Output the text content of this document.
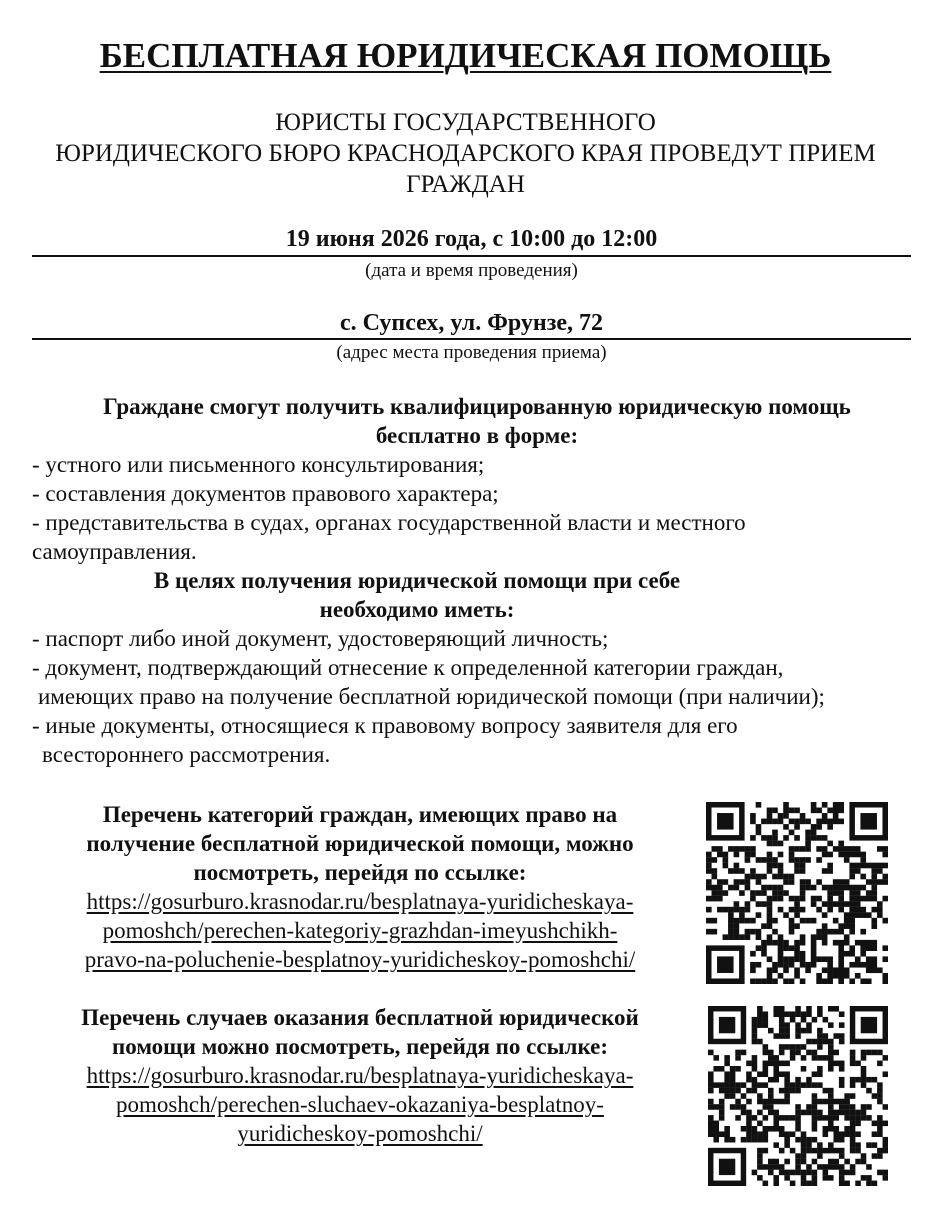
БЕСПЛАТНАЯ ЮРИДИЧЕСКАЯ ПОМОЩЬ
ЮРИСТЫ ГОСУДАРСТВЕННОГО
ЮРИДИЧЕСКОГО БЮРО КРАСНОДАРСКОГО КРАЯ ПРОВЕДУТ ПРИЕМ
ГРАЖДАН
19 июня 2026 года, с 10:00 до 12:00
(дата и время проведения)
с. Супсех, ул. Фрунзе, 72
(адрес места проведения приема)

Граждане смогут получить квалифицированную юридическую помощь

бесплатно в форме:

- устного или письменного консультирования;

- составления документов правового характера;

- представительства в судах, органах государственной власти и местного

самоуправления.

В целях получения юридической помощи при себе

необходимо иметь:

- паспорт либо иной документ, удостоверяющий личность;

- документ, подтверждающий отнесение к определенной категории граждан,

имеющих право на получение бесплатной юридической помощи (при наличии);

- иные документы, относящиеся к правовому вопросу заявителя для его

всестороннего рассмотрения.

Перечень категорий граждан, имеющих право на
получение бесплатной юридической помощи, можно
посмотреть, перейдя по ссылке:
https://gosurburo.krasnodar.ru/besplatnaya-yuridicheskaya-
pomoshch/perechen-kategoriy-grazhdan-imeyushchikh-
pravo-na-poluchenie-besplatnoy-yuridicheskoy-pomoshchi/
Перечень случаев оказания бесплатной юридической
помощи можно посмотреть, перейдя по ссылке:
https://gosurburo.krasnodar.ru/besplatnaya-yuridicheskaya-
pomoshch/perechen-sluchaev-okazaniya-besplatnoy-
yuridicheskoy-pomoshchi/
